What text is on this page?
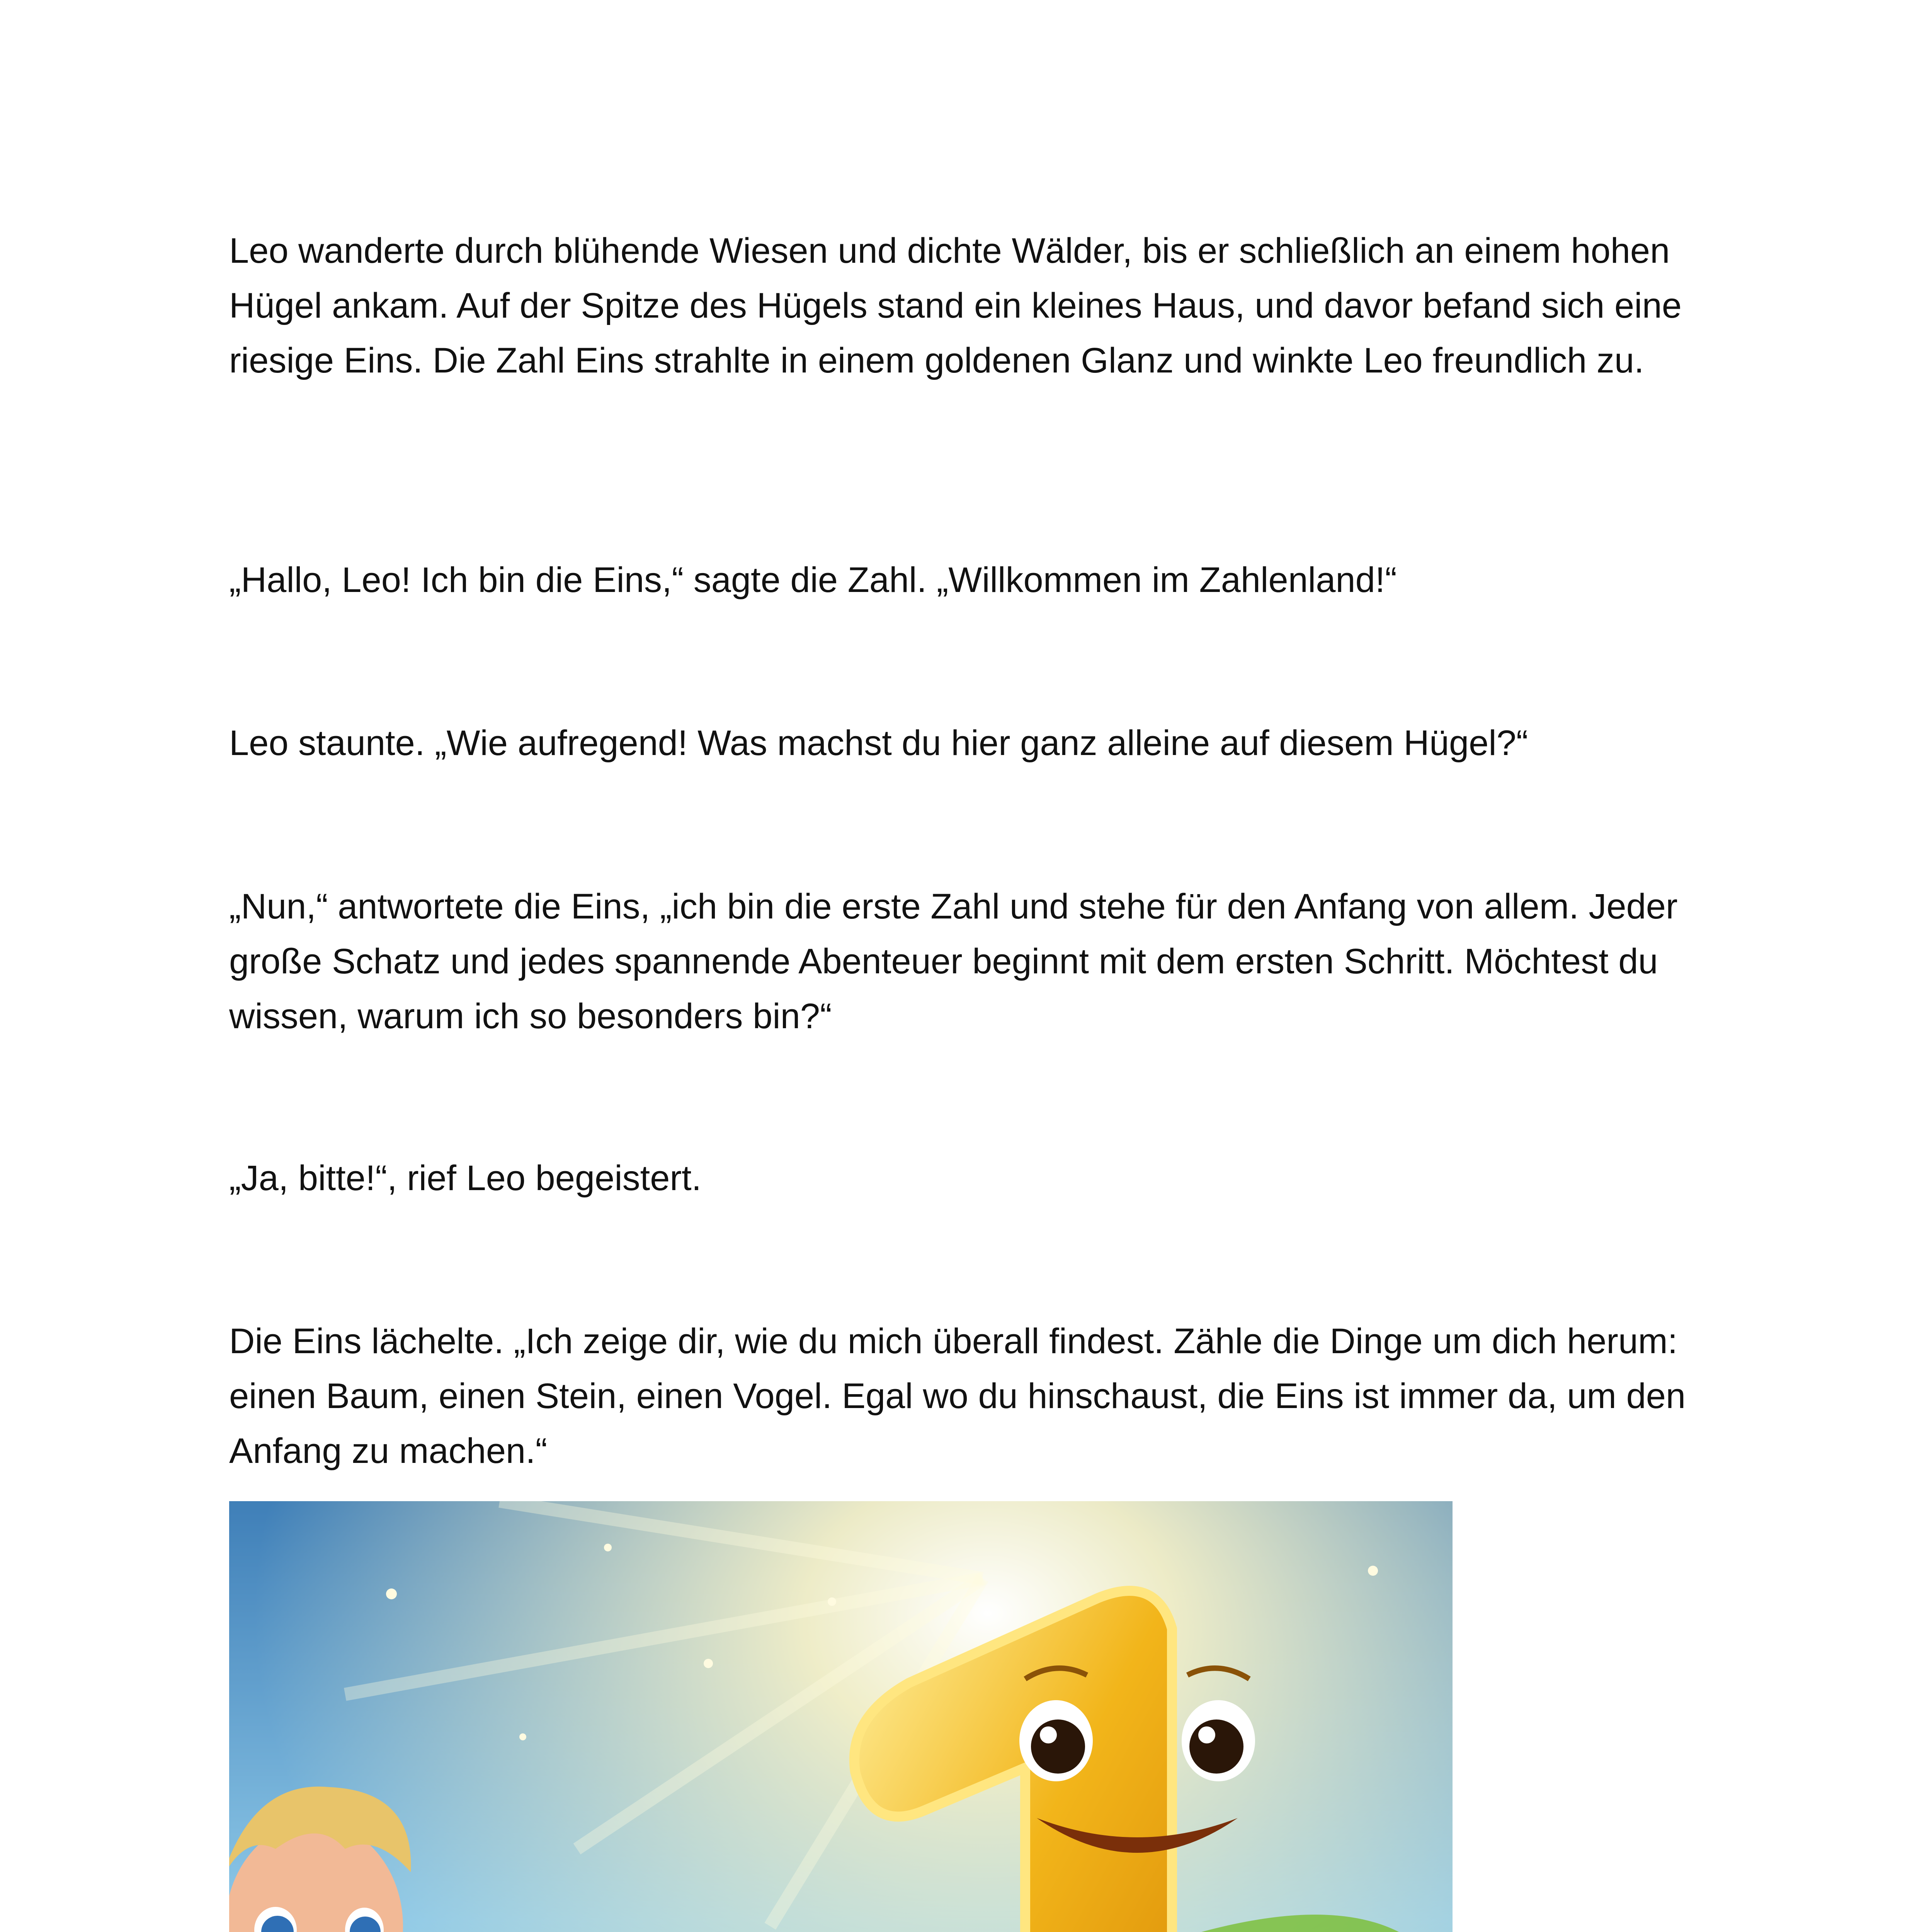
Leo wanderte durch blühende Wiesen und dichte Wälder, bis er schließlich an einem hohen Hügel ankam. Auf der Spitze des Hügels stand ein kleines Haus, und davor befand sich eine riesige Eins. Die Zahl Eins strahlte in einem goldenen Glanz und winkte Leo freundlich zu.

„Hallo, Leo! Ich bin die Eins,“ sagte die Zahl. „Willkommen im Zahlenland!“

Leo staunte. „Wie aufregend! Was machst du hier ganz alleine auf diesem Hügel?“

„Nun,“ antwortete die Eins, „ich bin die erste Zahl und stehe für den Anfang von allem. Jeder große Schatz und jedes spannende Abenteuer beginnt mit dem ersten Schritt. Möchtest du wissen, warum ich so besonders bin?“

„Ja, bitte!“, rief Leo begeistert.

Die Eins lächelte. „Ich zeige dir, wie du mich überall findest. Zähle die Dinge um dich herum: einen Baum, einen Stein, einen Vogel. Egal wo du hinschaust, die Eins ist immer da, um den Anfang zu machen.“
